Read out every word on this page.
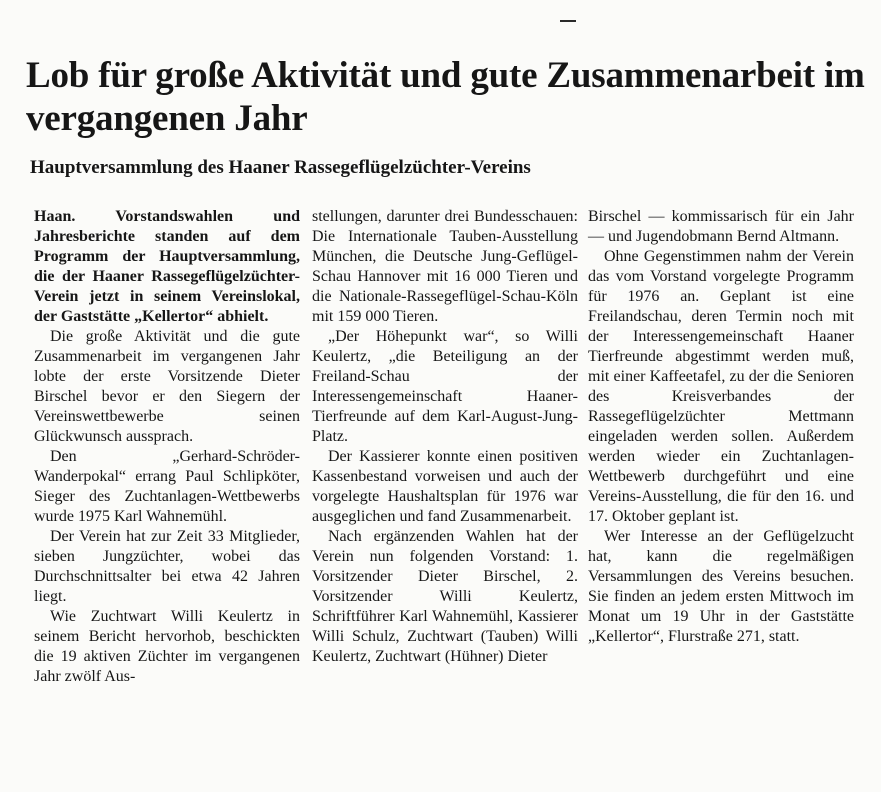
Lob für große Aktivität und gute Zusammenarbeit im vergangenen Jahr
Hauptversammlung des Haaner Rassegeflügelzüchter-Vereins

Haan. Vorstandswahlen und Jahresberichte standen auf dem Programm der Hauptversammlung, die der Haaner Rassegeflügelzüchter-Verein jetzt in seinem Vereinslokal, der Gaststätte „Kellertor“ abhielt.

Die große Aktivität und die gute Zusammenarbeit im vergangenen Jahr lobte der erste Vorsitzende Dieter Birschel bevor er den Siegern der Vereinswettbewerbe seinen Glückwunsch aussprach.

Den „Gerhard-Schröder-Wanderpokal“ errang Paul Schlipköter, Sieger des Zuchtanlagen-Wettbewerbs wurde 1975 Karl Wahnemühl.

Der Verein hat zur Zeit 33 Mitglieder, sieben Jungzüchter, wobei das Durchschnittsalter bei etwa 42 Jahren liegt.

Wie Zuchtwart Willi Keulertz in seinem Bericht hervorhob, beschickten die 19 aktiven Züchter im vergangenen Jahr zwölf Aus-

stellungen, darunter drei Bundesschauen: Die Internationale Tauben-Ausstellung München, die Deutsche Jung-Geflügel-Schau Hannover mit 16 000 Tieren und die Nationale-Rassegeflügel-Schau-Köln mit 159 000 Tieren.

„Der Höhepunkt war“, so Willi Keulertz, „die Beteiligung an der Freiland-Schau der Interessengemeinschaft Haaner-Tierfreunde auf dem Karl-August-Jung-Platz.

Der Kassierer konnte einen positiven Kassenbestand vorweisen und auch der vorgelegte Haushaltsplan für 1976 war ausgeglichen und fand Zusammenarbeit.

Nach ergänzenden Wahlen hat der Verein nun folgenden Vorstand: 1. Vorsitzender Dieter Birschel, 2. Vorsitzender Willi Keulertz, Schriftführer Karl Wahnemühl, Kassierer Willi Schulz, Zuchtwart (Tauben) Willi Keulertz, Zuchtwart (Hühner) Dieter

Birschel — kommissarisch für ein Jahr — und Jugendobmann Bernd Altmann.

Ohne Gegenstimmen nahm der Verein das vom Vorstand vorgelegte Programm für 1976 an. Geplant ist eine Freilandschau, deren Termin noch mit der Interessengemeinschaft Haaner Tierfreunde abgestimmt werden muß, mit einer Kaffeetafel, zu der die Senioren des Kreisverbandes der Rassegeflügelzüchter Mettmann eingeladen werden sollen. Außerdem werden wieder ein Zuchtanlagen-Wettbewerb durchgeführt und eine Vereins-Ausstellung, die für den 16. und 17. Oktober geplant ist.

Wer Interesse an der Geflügelzucht hat, kann die regelmäßigen Versammlungen des Vereins besuchen. Sie finden an jedem ersten Mittwoch im Monat um 19 Uhr in der Gaststätte „Kellertor“, Flurstraße 271, statt.
